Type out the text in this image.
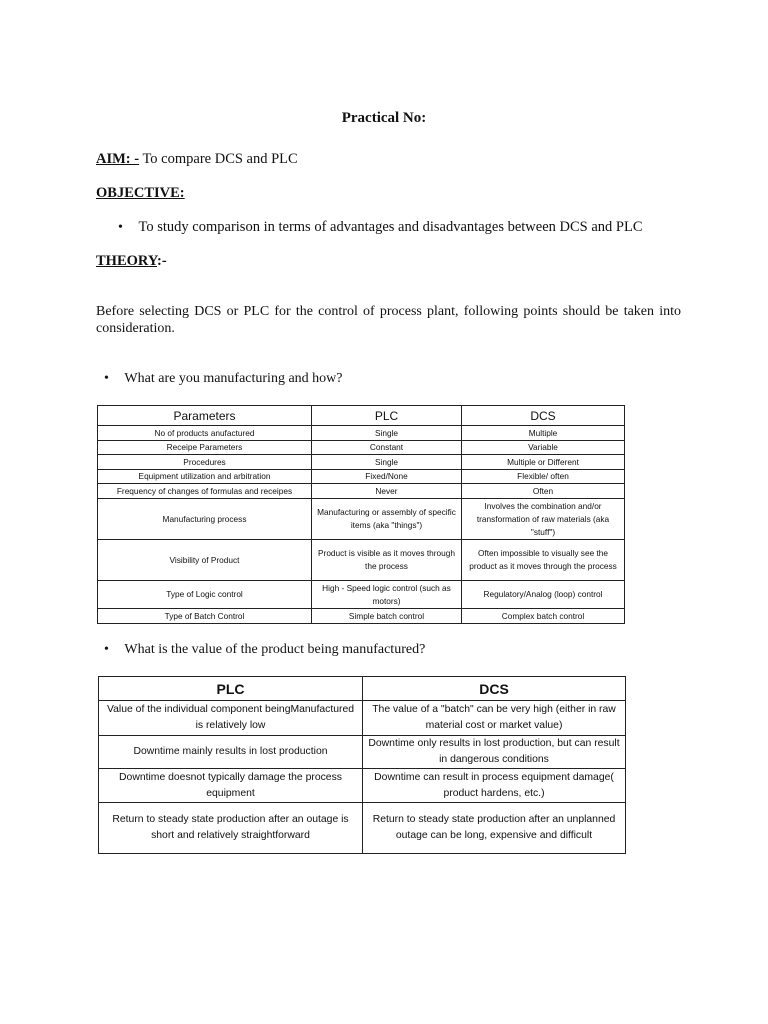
Practical No:
AIM: - To compare DCS and PLC
OBJECTIVE:
• To study comparison in terms of advantages and disadvantages between DCS and PLC
THEORY:-
Before selecting DCS or PLC for the control of process plant, following points should be taken into consideration.
• What are you manufacturing and how?
Parameters	PLC	DCS
No of products anufactured	Single	Multiple
Receipe Parameters	Constant	Variable
Procedures	Single	Multiple or Different
Equipment utilization and arbitration	Fixed/None	Flexible/ often
Frequency of changes of formulas and receipes	Never	Often
Manufacturing process	Manufacturing or assembly of specific items (aka "things")	Involves the combination and/or transformation of raw materials (aka "stuff")
Visibility of Product	Product is visible as it moves through the process	Often impossible to visually see the product as it moves through the process
Type of Logic control	High - Speed logic control (such as motors)	Regulatory/Analog (loop) control
Type of Batch Control	Simple batch control	Complex batch control
• What is the value of the product being manufactured?
PLC	DCS
Value of the individual component beingManufactured is relatively low	The value of a "batch" can be very high (either in raw material cost or market value)
Downtime mainly results in lost production	Downtime only results in lost production, but can result in dangerous conditions
Downtime doesnot typically damage the process equipment	Downtime can result in process equipment damage( product hardens, etc.)
Return to steady state production after an outage is short and relatively straightforward	Return to steady state production after an unplanned outage can be long, expensive and difficult
